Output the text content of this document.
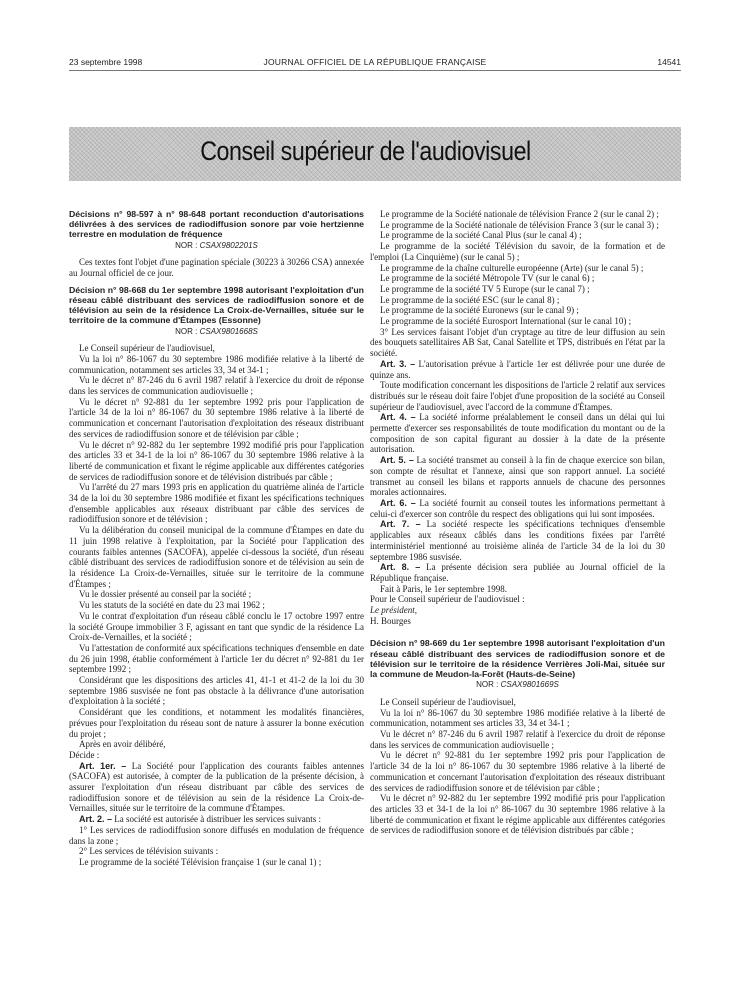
23 septembre 1998	JOURNAL OFFICIEL DE LA RÉPUBLIQUE FRANÇAISE	14541
Conseil supérieur de l'audiovisuel
Décisions n° 98-597 à n° 98-648 portant reconduction d'autorisations délivrées à des services de radiodiffusion sonore par voie hertzienne terrestre en modulation de fréquence
NOR : CSAX9802201S

Ces textes font l'objet d'une pagination spéciale (30223 à 30266 CSA) annexée au Journal officiel de ce jour.

Décision n° 98-668 du 1er septembre 1998 autorisant l'exploitation d'un réseau câblé distribuant des services de radiodiffusion sonore et de télévision au sein de la résidence La Croix-de-Vernailles, située sur le territoire de la commune d'Étampes (Essonne)
NOR : CSAX9801668S

Le Conseil supérieur de l'audiovisuel,

Vu la loi n° 86-1067 du 30 septembre 1986 modifiée relative à la liberté de communication, notamment ses articles 33, 34 et 34-1 ;

Vu le décret n° 87-246 du 6 avril 1987 relatif à l'exercice du droit de réponse dans les services de communication audiovisuelle ;

Vu le décret n° 92-881 du 1er septembre 1992 pris pour l'application de l'article 34 de la loi n° 86-1067 du 30 septembre 1986 relative à la liberté de communication et concernant l'autorisation d'exploitation des réseaux distribuant des services de radiodiffusion sonore et de télévision par câble ;

Vu le décret n° 92-882 du 1er septembre 1992 modifié pris pour l'application des articles 33 et 34-1 de la loi n° 86-1067 du 30 septembre 1986 relative à la liberté de communication et fixant le régime applicable aux différentes catégories de services de radiodiffusion sonore et de télévision distribués par câble ;

Vu l'arrêté du 27 mars 1993 pris en application du quatrième alinéa de l'article 34 de la loi du 30 septembre 1986 modifiée et fixant les spécifications techniques d'ensemble applicables aux réseaux distribuant par câble des services de radiodiffusion sonore et de télévision ;

Vu la délibération du conseil municipal de la commune d'Étampes en date du 11 juin 1998 relative à l'exploitation, par la Société pour l'application des courants faibles antennes (SACOFA), appelée ci-dessous la société, d'un réseau câblé distribuant des services de radiodiffusion sonore et de télévision au sein de la résidence La Croix-de-Vernailles, située sur le territoire de la commune d'Étampes ;

Vu le dossier présenté au conseil par la société ;

Vu les statuts de la société en date du 23 mai 1962 ;

Vu le contrat d'exploitation d'un réseau câblé conclu le 17 octobre 1997 entre la société Groupe immobilier 3 F, agissant en tant que syndic de la résidence La Croix-de-Vernailles, et la société ;

Vu l'attestation de conformité aux spécifications techniques d'ensemble en date du 26 juin 1998, établie conformément à l'article 1er du décret n° 92-881 du 1er septembre 1992 ;

Considérant que les dispositions des articles 41, 41-1 et 41-2 de la loi du 30 septembre 1986 susvisée ne font pas obstacle à la délivrance d'une autorisation d'exploitation à la société ;

Considérant que les conditions, et notamment les modalités financières, prévues pour l'exploitation du réseau sont de nature à assurer la bonne exécution du projet ;

Après en avoir délibéré,

Décide :

Art. 1er. – La Société pour l'application des courants faibles antennes (SACOFA) est autorisée, à compter de la publication de la présente décision, à assurer l'exploitation d'un réseau distribuant par câble des services de radiodiffusion sonore et de télévision au sein de la résidence La Croix-de-Vernailles, située sur le territoire de la commune d'Étampes.

Art. 2. – La société est autorisée à distribuer les services suivants :

1° Les services de radiodiffusion sonore diffusés en modulation de fréquence dans la zone ;

2° Les services de télévision suivants :

Le programme de la société Télévision française 1 (sur le canal 1) ;

Le programme de la Société nationale de télévision France 2 (sur le canal 2) ;

Le programme de la Société nationale de télévision France 3 (sur le canal 3) ;

Le programme de la société Canal Plus (sur le canal 4) ;

Le programme de la société Télévision du savoir, de la formation et de l'emploi (La Cinquième) (sur le canal 5) ;

Le programme de la chaîne culturelle européenne (Arte) (sur le canal 5) ;

Le programme de la société Métropole TV (sur le canal 6) ;

Le programme de la société TV 5 Europe (sur le canal 7) ;

Le programme de la société ESC (sur le canal 8) ;

Le programme de la société Euronews (sur le canal 9) ;

Le programme de la société Eurosport International (sur le canal 10) ;

3° Les services faisant l'objet d'un cryptage au titre de leur diffusion au sein des bouquets satellitaires AB Sat, Canal Satellite et TPS, distribués en l'état par la société.

Art. 3. – L'autorisation prévue à l'article 1er est délivrée pour une durée de quinze ans.

Toute modification concernant les dispositions de l'article 2 relatif aux services distribués sur le réseau doit faire l'objet d'une proposition de la société au Conseil supérieur de l'audiovisuel, avec l'accord de la commune d'Étampes.

Art. 4. – La société informe préalablement le conseil dans un délai qui lui permette d'exercer ses responsabilités de toute modification du montant ou de la composition de son capital figurant au dossier à la date de la présente autorisation.

Art. 5. – La société transmet au conseil à la fin de chaque exercice son bilan, son compte de résultat et l'annexe, ainsi que son rapport annuel. La société transmet au conseil les bilans et rapports annuels de chacune des personnes morales actionnaires.

Art. 6. – La société fournit au conseil toutes les informations permettant à celui-ci d'exercer son contrôle du respect des obligations qui lui sont imposées.

Art. 7. – La société respecte les spécifications techniques d'ensemble applicables aux réseaux câblés dans les conditions fixées par l'arrêté interministériel mentionné au troisième alinéa de l'article 34 de la loi du 30 septembre 1986 susvisée.

Art. 8. – La présente décision sera publiée au Journal officiel de la République française.

Fait à Paris, le 1er septembre 1998.

Pour le Conseil supérieur de l'audiovisuel :

Le président,

H. Bourges

Décision n° 98-669 du 1er septembre 1998 autorisant l'exploitation d'un réseau câblé distribuant des services de radiodiffusion sonore et de télévision sur le territoire de la résidence Verrières Joli-Mai, située sur la commune de Meudon-la-Forêt (Hauts-de-Seine)
NOR : CSAX9801669S

Le Conseil supérieur de l'audiovisuel,

Vu la loi n° 86-1067 du 30 septembre 1986 modifiée relative à la liberté de communication, notamment ses articles 33, 34 et 34-1 ;

Vu le décret n° 87-246 du 6 avril 1987 relatif à l'exercice du droit de réponse dans les services de communication audiovisuelle ;

Vu le décret n° 92-881 du 1er septembre 1992 pris pour l'application de l'article 34 de la loi n° 86-1067 du 30 septembre 1986 relative à la liberté de communication et concernant l'autorisation d'exploitation des réseaux distribuant des services de radiodiffusion sonore et de télévision par câble ;

Vu le décret n° 92-882 du 1er septembre 1992 modifié pris pour l'application des articles 33 et 34-1 de la loi n° 86-1067 du 30 septembre 1986 relative à la liberté de communication et fixant le régime applicable aux différentes catégories de services de radiodiffusion sonore et de télévision distribués par câble ;
